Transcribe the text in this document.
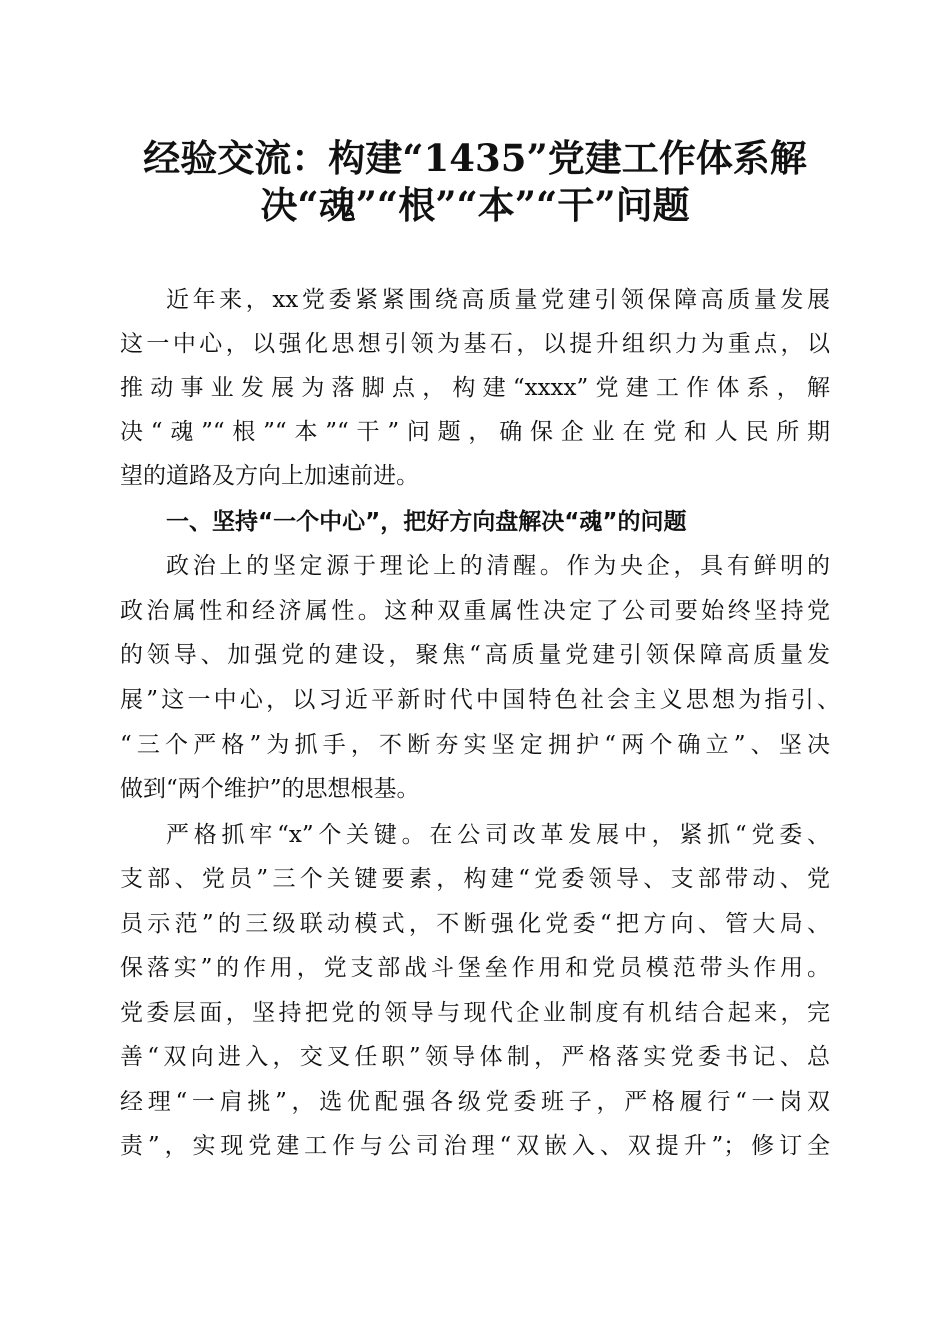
经验交流：构建“1435”党建工作体系解
决“魂”“根”“本”“干”问题
近年来，xx党委紧紧围绕高质量党建引领保障高质量发展
这一中心，以强化思想引领为基石，以提升组织力为重点，以
推动事业发展为落脚点，构建“xxxx”党建工作体系，解
决“魂”“根”“本”“干”问题，确保企业在党和人民所期
望的道路及方向上加速前进。
一、坚持“一个中心”，把好方向盘解决“魂”的问题
政治上的坚定源于理论上的清醒。作为央企，具有鲜明的
政治属性和经济属性。这种双重属性决定了公司要始终坚持党
的领导、加强党的建设，聚焦“高质量党建引领保障高质量发
展”这一中心，以习近平新时代中国特色社会主义思想为指引、
“三个严格”为抓手，不断夯实坚定拥护“两个确立”、坚决
做到“两个维护”的思想根基。
严格抓牢“x”个关键。在公司改革发展中，紧抓“党委、
支部、党员”三个关键要素，构建“党委领导、支部带动、党
员示范”的三级联动模式，不断强化党委“把方向、管大局、
保落实”的作用，党支部战斗堡垒作用和党员模范带头作用。
党委层面，坚持把党的领导与现代企业制度有机结合起来，完
善“双向进入，交叉任职”领导体制，严格落实党委书记、总
经理“一肩挑”，选优配强各级党委班子，严格履行“一岗双
责”，实现党建工作与公司治理“双嵌入、双提升”；修订全
